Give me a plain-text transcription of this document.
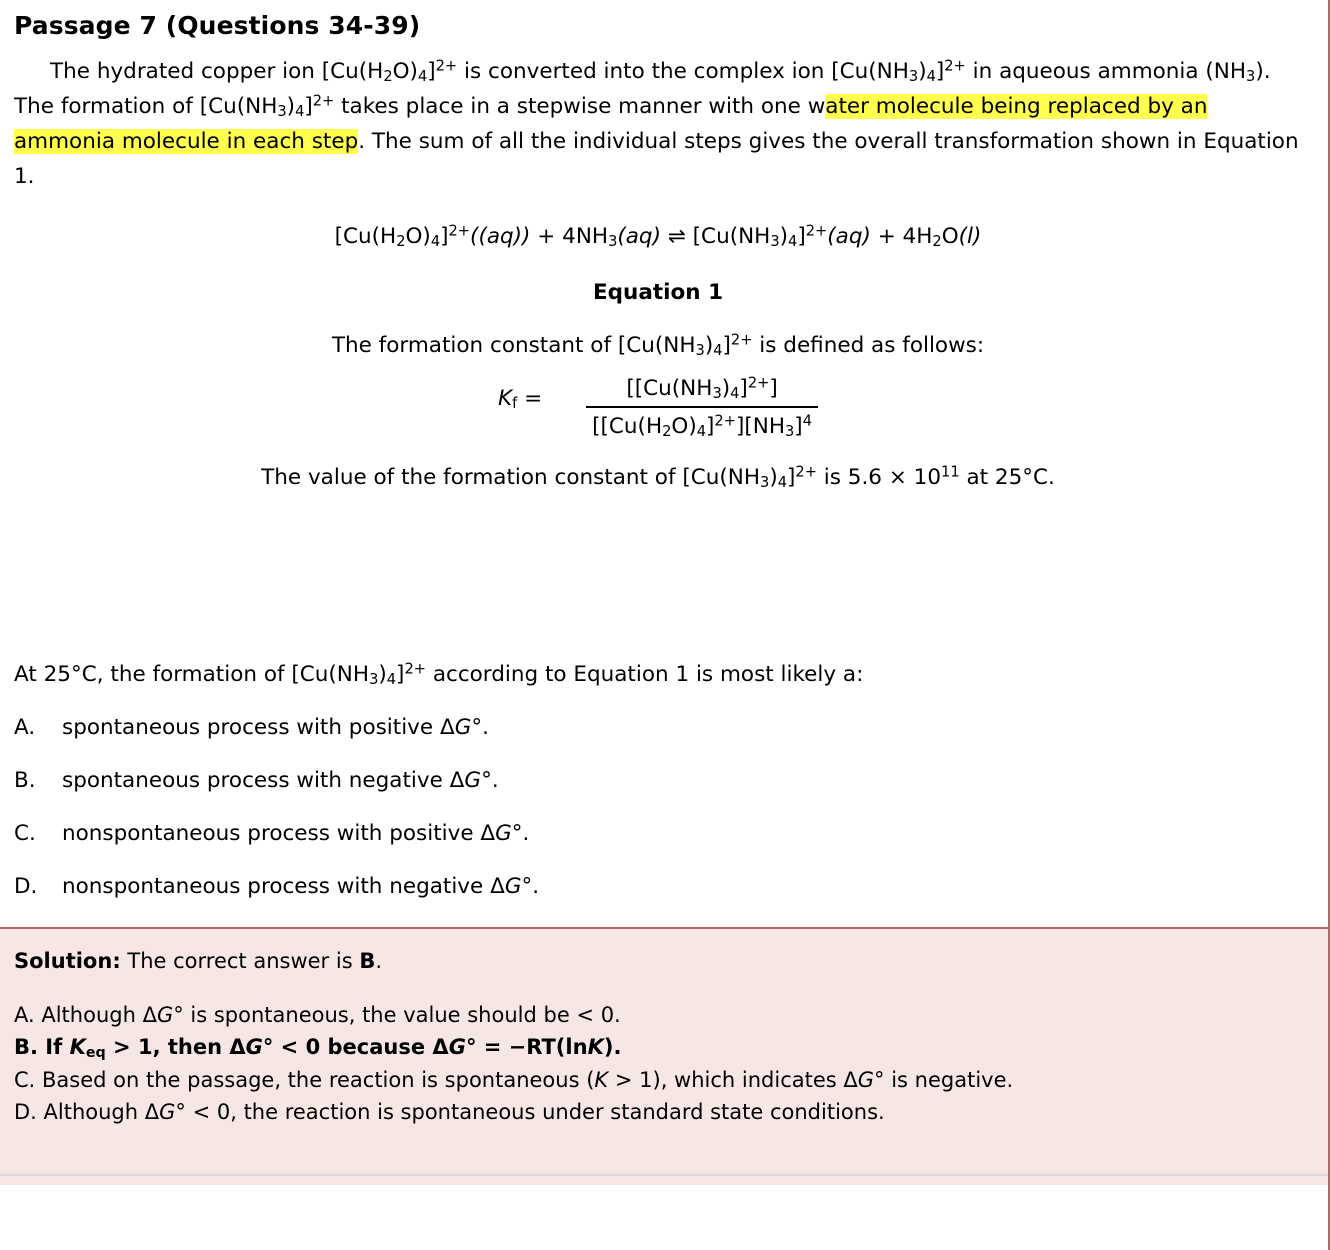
Passage 7 (Questions 34-39)

The hydrated copper ion $[Cu(H_2O)_4]^{2+}$ is converted into the complex ion $[Cu(NH_3)_4]^{2+}$ in aqueous ammonia $(NH_3)$. The formation of $[Cu(NH_3)_4]^{2+}$ takes place in a stepwise manner with one water molecule being replaced by an ammonia molecule in each step. The sum of all the individual steps gives the overall transformation shown in Equation 1.

$[Cu(H_2O)_4]^{2+}((aq)) + 4NH_3(aq)$ ⇌ $[Cu(NH_3)_4]^{2+}(aq) + 4H_2O(l)$
Equation 1
The formation constant of $[Cu(NH_3)_4]^{2+}$ is defined as follows:
$K_f$ =	$\frac{[[Cu(NH_3)_4]^{2+}]}{[[Cu(H_2O)_4]^{2+}][NH_3]^4}$
The value of the formation constant of $[Cu(NH_3)_4]^{2+}$ is $5.6 \times 10^{11}$ at 25°C.

At 25°C, the formation of $[Cu(NH_3)_4]^{2+}$ according to Equation 1 is most likely a:

A.	spontaneous process with positive ΔG°.
B.	spontaneous process with negative ΔG°.
C.	nonspontaneous process with positive ΔG°.
D.	nonspontaneous process with negative ΔG°.

Solution: The correct answer is B.

A. Although ΔG° is spontaneous, the value should be < 0.

B. If $K_{eq} > 1$, then ΔG° < 0 because ΔG° = −RT(lnK).

C. Based on the passage, the reaction is spontaneous (K > 1), which indicates ΔG° is negative.

D. Although ΔG° < 0, the reaction is spontaneous under standard state conditions.
